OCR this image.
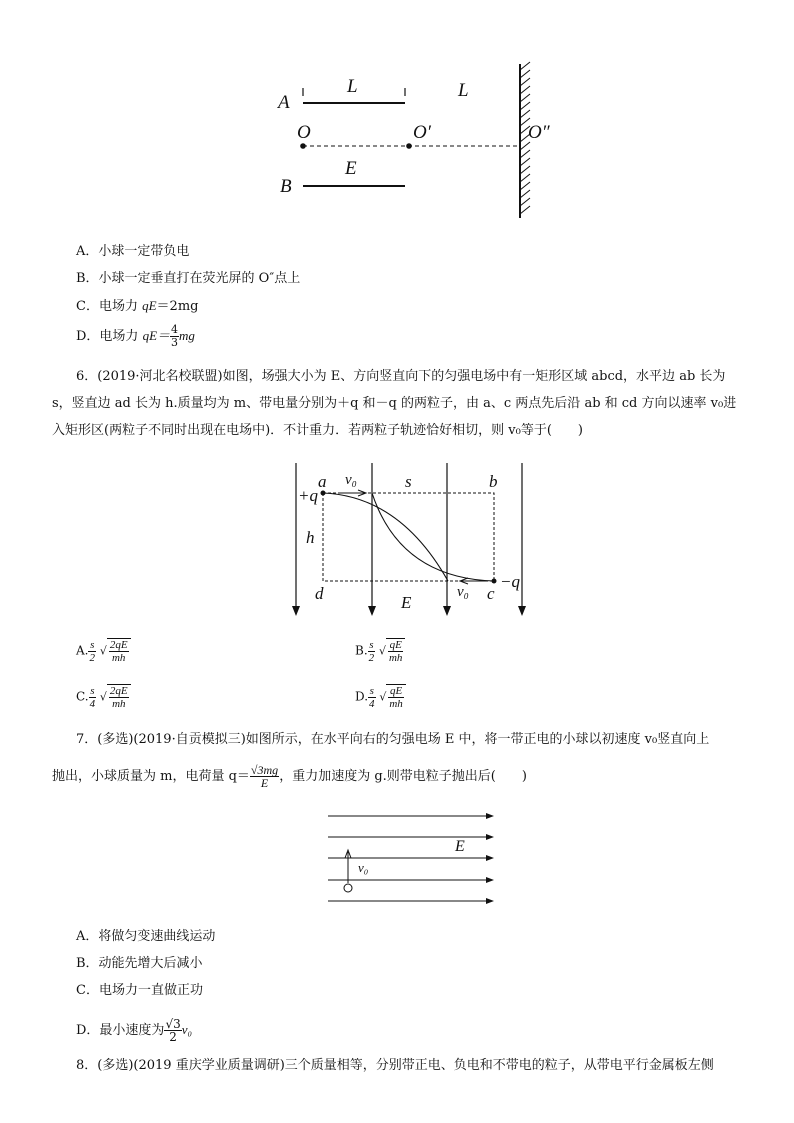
A
L	L
O	O′	O″
E
B
A．小球一定带负电
B．小球一定垂直打在荧光屏的 O″点上
C．电场力 qE＝2mg
D．电场力 $qE= \frac{4}{3}$ mg
6．(2019·河北名校联盟)如图，场强大小为 E、方向竖直向下的匀强电场中有一矩形区域 abcd，水平边 ab 长为
s，竖直边 ad 长为 h.质量均为 m、带电量分别为＋q 和－q 的两粒子，由 a、c 两点先后沿 ab 和 cd 方向以速率 v₀进
入矩形区(两粒子不同时出现在电场中)．不计重力．若两粒子轨迹恰好相切，则 v₀等于(　　)
a v₀	s	b
+q
h
d	E
v₀ c
−q
A. $\frac{s}{2}$ √ $\frac{2qE}{mh}$	B. $\frac{s}{2}$ √ $\frac{qE}{mh}$
C. $\frac{s}{4}$ √ $\frac{2qE}{mh}$	D. $\frac{s}{4}$ √ $\frac{qE}{mh}$
7．(多选)(2019·自贡模拟三)如图所示，在水平向右的匀强电场 E 中，将一带正电的小球以初速度 v₀竖直向上
抛出，小球质量为 m，电荷量 $q= \frac{√3mg}{E}$ ，重力加速度为 g.则带电粒子抛出后(　　)
E
v₀
A．将做匀变速曲线运动
B．动能先增大后减小
C．电场力一直做正功
D．最小速度为 $\frac{√3}{2} v_0$
8．(多选)(2019 重庆学业质量调研)三个质量相等，分别带正电、负电和不带电的粒子，从带电平行金属板左侧
